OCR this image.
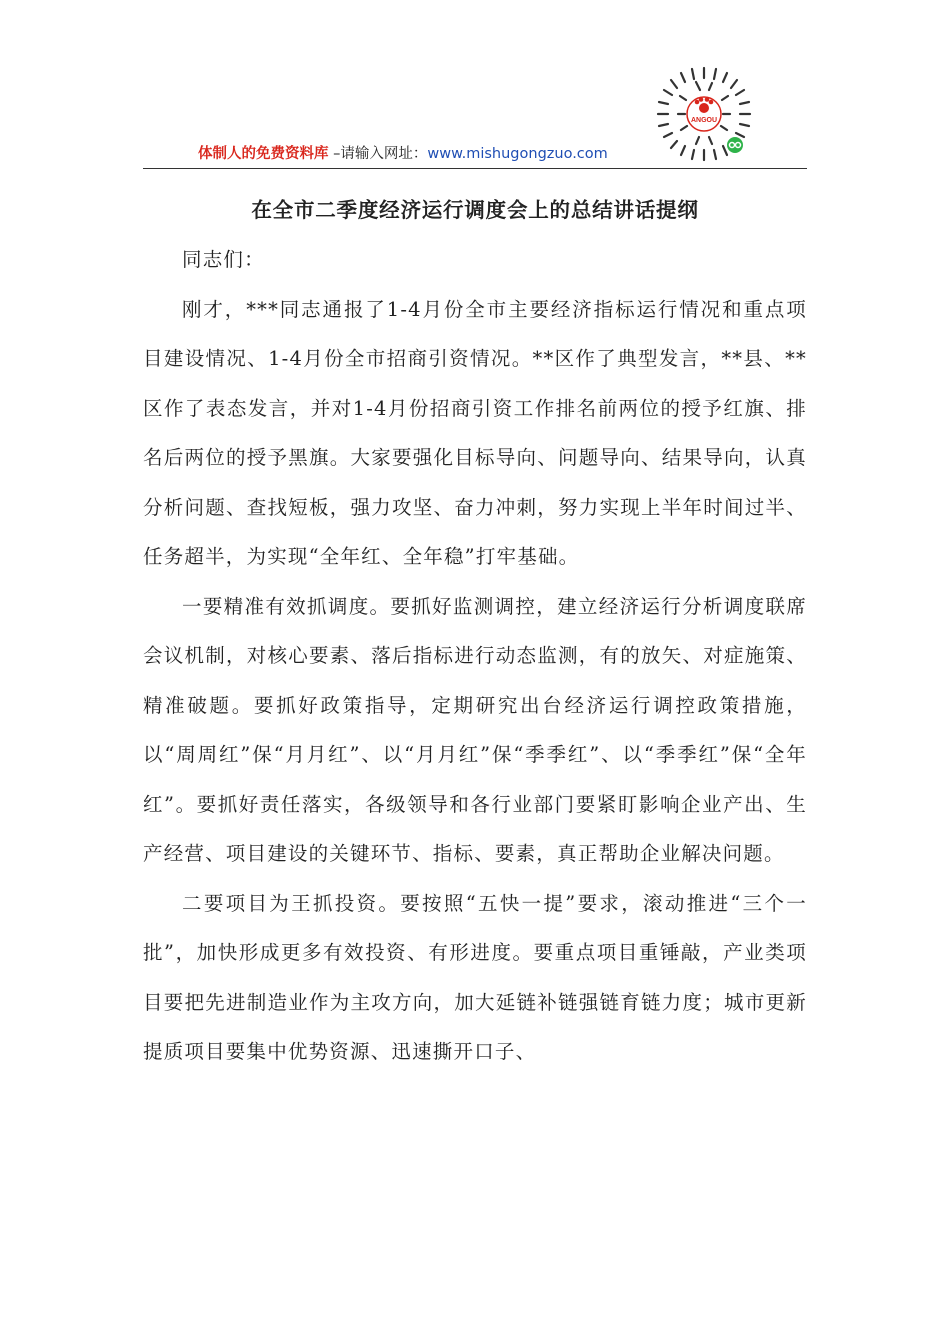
ANGOU
体制人的免费资料库 –请输入网址：www.mishugongzuo.com
在全市二季度经济运行调度会上的总结讲话提纲

同志们：

刚才，***同志通报了1-4月份全市主要经济指标运行情况和重点项目建设情况、1-4月份全市招商引资情况。**区作了典型发言，**县、**区作了表态发言，并对1-4月份招商引资工作排名前两位的授予红旗、排名后两位的授予黑旗。大家要强化目标导向、问题导向、结果导向，认真分析问题、查找短板，强力攻坚、奋力冲刺，努力实现上半年时间过半、任务超半，为实现“全年红、全年稳”打牢基础。

一要精准有效抓调度。要抓好监测调控，建立经济运行分析调度联席会议机制，对核心要素、落后指标进行动态监测，有的放矢、对症施策、精准破题。要抓好政策指导，定期研究出台经济运行调控政策措施，以“周周红”保“月月红”、以“月月红”保“季季红”、以“季季红”保“全年红”。要抓好责任落实，各级领导和各行业部门要紧盯影响企业产出、生产经营、项目建设的关键环节、指标、要素，真正帮助企业解决问题。

二要项目为王抓投资。要按照“五快一提”要求，滚动推进“三个一批”，加快形成更多有效投资、有形进度。要重点项目重锤敲，产业类项目要把先进制造业作为主攻方向，加大延链补链强链育链力度；城市更新提质项目要集中优势资源、迅速撕开口子、
